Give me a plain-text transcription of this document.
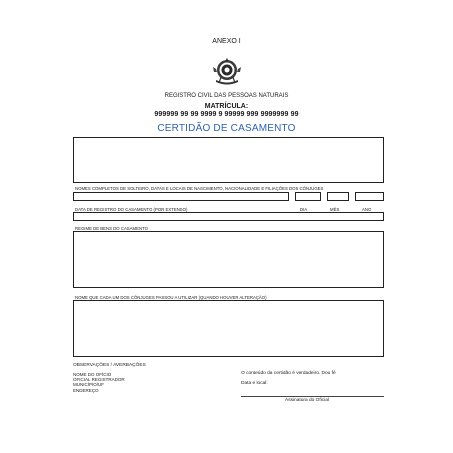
ANEXO I
REGISTRO CIVIL DAS PESSOAS NATURAIS
MATRÍCULA:
999999 99 99 9999 9 99999 999 9999999 99
CERTIDÃO DE CASAMENTO
NOMES COMPLETOS DE SOLTEIRO, DATAS E LOCAIS DE NASCIMENTO, NACIONALIDADE E FILIAÇÕES DOS CÔNJUGES
DATA DE REGISTRO DO CASAMENTO (POR EXTENSO)	DIA	MÊS	ANO
REGIME DE BENS DO CASAMENTO
NOME QUE CADA UM DOS CÔNJUGES PASSOU A UTILIZAR (QUANDO HOUVER ALTERAÇÃO)
OBSERVAÇÕES / AVERBAÇÕES
NOME DO OFÍCIO
OFICIAL REGISTRADOR
MUNICÍPIO/UF
ENDEREÇO
O conteúdo da certidão é verdadeiro. Dou fé
Data e local:
Assinatura do Oficial
